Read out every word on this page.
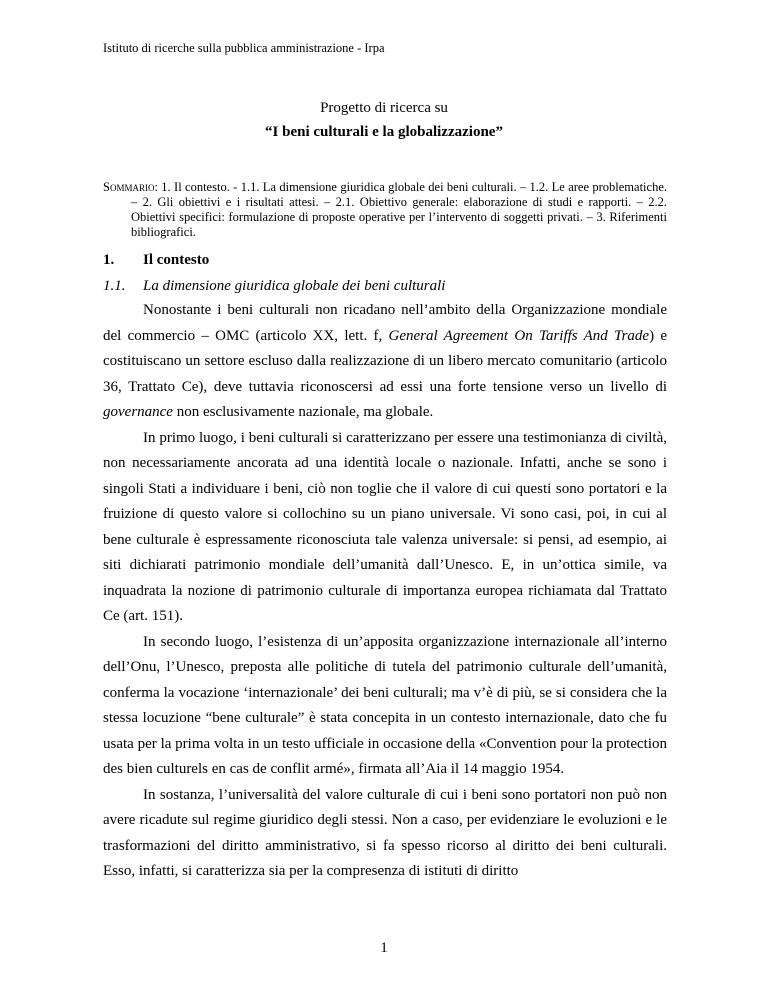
Istituto di ricerche sulla pubblica amministrazione - Irpa
Progetto di ricerca su
“I beni culturali e la globalizzazione”
Sommario: 1. Il contesto. - 1.1. La dimensione giuridica globale dei beni culturali. – 1.2. Le aree problematiche. – 2. Gli obiettivi e i risultati attesi. – 2.1. Obiettivo generale: elaborazione di studi e rapporti. – 2.2. Obiettivi specifici: formulazione di proposte operative per l’intervento di soggetti privati. – 3. Riferimenti bibliografici.
1. Il contesto
1.1. La dimensione giuridica globale dei beni culturali

Nonostante i beni culturali non ricadano nell’ambito della Organizzazione mondiale del commercio – OMC (articolo XX, lett. f, General Agreement On Tariffs And Trade) e costituiscano un settore escluso dalla realizzazione di un libero mercato comunitario (articolo 36, Trattato Ce), deve tuttavia riconoscersi ad essi una forte tensione verso un livello di governance non esclusivamente nazionale, ma globale.

In primo luogo, i beni culturali si caratterizzano per essere una testimonianza di civiltà, non necessariamente ancorata ad una identità locale o nazionale. Infatti, anche se sono i singoli Stati a individuare i beni, ciò non toglie che il valore di cui questi sono portatori e la fruizione di questo valore si collochino su un piano universale. Vi sono casi, poi, in cui al bene culturale è espressamente riconosciuta tale valenza universale: si pensi, ad esempio, ai siti dichiarati patrimonio mondiale dell’umanità dall’Unesco. E, in un’ottica simile, va inquadrata la nozione di patrimonio culturale di importanza europea richiamata dal Trattato Ce (art. 151).

In secondo luogo, l’esistenza di un’apposita organizzazione internazionale all’interno dell’Onu, l’Unesco, preposta alle politiche di tutela del patrimonio culturale dell’umanità, conferma la vocazione ‘internazionale’ dei beni culturali; ma v’è di più, se si considera che la stessa locuzione “bene culturale” è stata concepita in un contesto internazionale, dato che fu usata per la prima volta in un testo ufficiale in occasione della «Convention pour la protection des bien culturels en cas de conflit armé», firmata all’Aia il 14 maggio 1954.

In sostanza, l’universalità del valore culturale di cui i beni sono portatori non può non avere ricadute sul regime giuridico degli stessi. Non a caso, per evidenziare le evoluzioni e le trasformazioni del diritto amministrativo, si fa spesso ricorso al diritto dei beni culturali. Esso, infatti, si caratterizza sia per la compresenza di istituti di diritto

1
